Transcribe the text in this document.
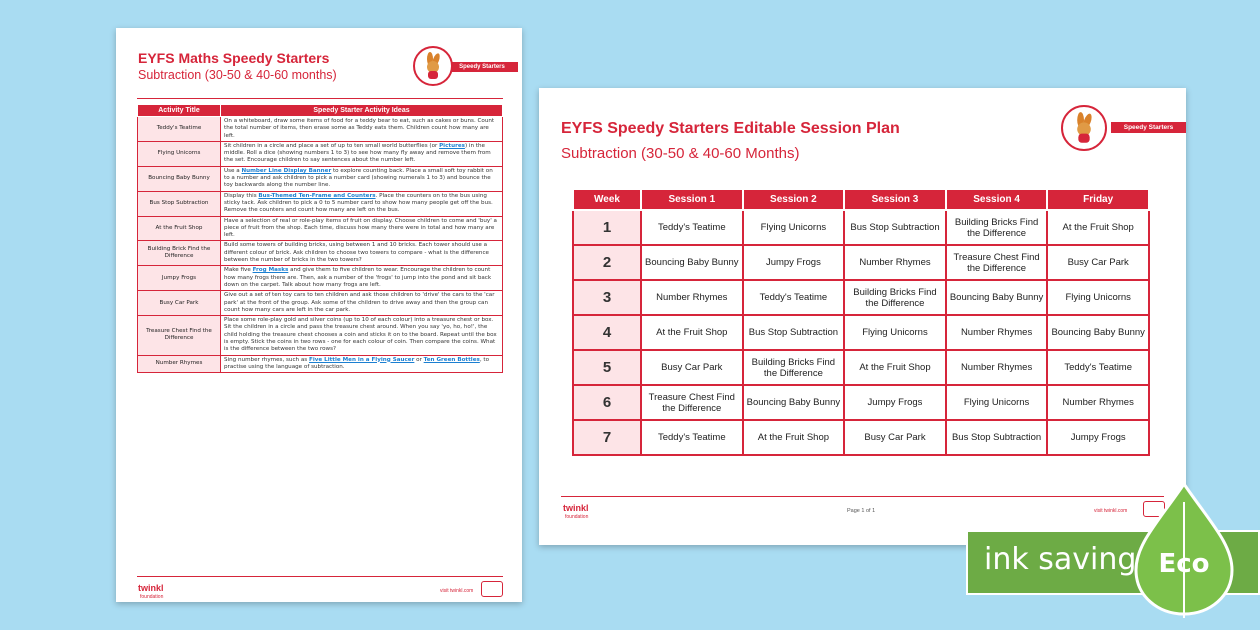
EYFS Maths Speedy Starters
Subtraction (30-50 & 40-60 months)
Speedy Starters
Activity Title	Speedy Starter Activity Ideas
Teddy's Teatime	On a whiteboard, draw some items of food for a teddy bear to eat, such as cakes or buns. Count the total number of items, then erase some as Teddy eats them. Children count how many are left.
Flying Unicorns	Sit children in a circle and place a set of up to ten small world butterflies (or Pictures) in the middle. Roll a dice (showing numbers 1 to 3) to see how many fly away and remove them from the set. Encourage children to say sentences about the number left.
Bouncing Baby Bunny	Use a Number Line Display Banner to explore counting back. Place a small soft toy rabbit on to a number and ask children to pick a number card (showing numerals 1 to 3) and bounce the toy backwards along the number line.
Bus Stop Subtraction	Display this Bus-Themed Ten-Frame and Counters. Place the counters on to the bus using sticky tack. Ask children to pick a 0 to 5 number card to show how many people get off the bus. Remove the counters and count how many are left on the bus.
At the Fruit Shop	Have a selection of real or role-play items of fruit on display. Choose children to come and 'buy' a piece of fruit from the shop. Each time, discuss how many there were in total and how many are left.
Building Brick Find the Difference	Build some towers of building bricks, using between 1 and 10 bricks. Each tower should use a different colour of brick. Ask children to choose two towers to compare - what is the difference between the number of bricks in the two towers?
Jumpy Frogs	Make five Frog Masks and give them to five children to wear. Encourage the children to count how many frogs there are. Then, ask a number of the 'frogs' to jump into the pond and sit back down on the carpet. Talk about how many frogs are left.
Busy Car Park	Give out a set of ten toy cars to ten children and ask those children to 'drive' the cars to the 'car park' at the front of the group. Ask some of the children to drive away and then the group can count how many cars are left in the car park.
Treasure Chest Find the Difference	Place some role-play gold and silver coins (up to 10 of each colour) into a treasure chest or box. Sit the children in a circle and pass the treasure chest around. When you say 'yo, ho, ho!', the child holding the treasure chest chooses a coin and sticks it on to the board. Repeat until the box is empty. Stick the coins in two rows - one for each colour of coin. Then compare the coins. What is the difference between the two rows?
Number Rhymes	Sing number rhymes, such as Five Little Men in a Flying Saucer or Ten Green Bottles, to practise using the language of subtraction.
twinkl
foundation
visit twinkl.com
EYFS Speedy Starters Editable Session Plan
Subtraction (30-50 & 40-60 Months)
Speedy Starters
Week	Session 1	Session 2	Session 3	Session 4	Friday
1	Teddy's Teatime	Flying Unicorns	Bus Stop Subtraction	Building Bricks Find the Difference	At the Fruit Shop
2	Bouncing Baby Bunny	Jumpy Frogs	Number Rhymes	Treasure Chest Find the Difference	Busy Car Park
3	Number Rhymes	Teddy's Teatime	Building Bricks Find the Difference	Bouncing Baby Bunny	Flying Unicorns
4	At the Fruit Shop	Bus Stop Subtraction	Flying Unicorns	Number Rhymes	Bouncing Baby Bunny
5	Busy Car Park	Building Bricks Find the Difference	At the Fruit Shop	Number Rhymes	Teddy's Teatime
6	Treasure Chest Find the Difference	Bouncing Baby Bunny	Jumpy Frogs	Flying Unicorns	Number Rhymes
7	Teddy's Teatime	At the Fruit Shop	Busy Car Park	Bus Stop Subtraction	Jumpy Frogs
twinkl
foundation
Page 1 of 1	visit twinkl.com
ink saving Eco
